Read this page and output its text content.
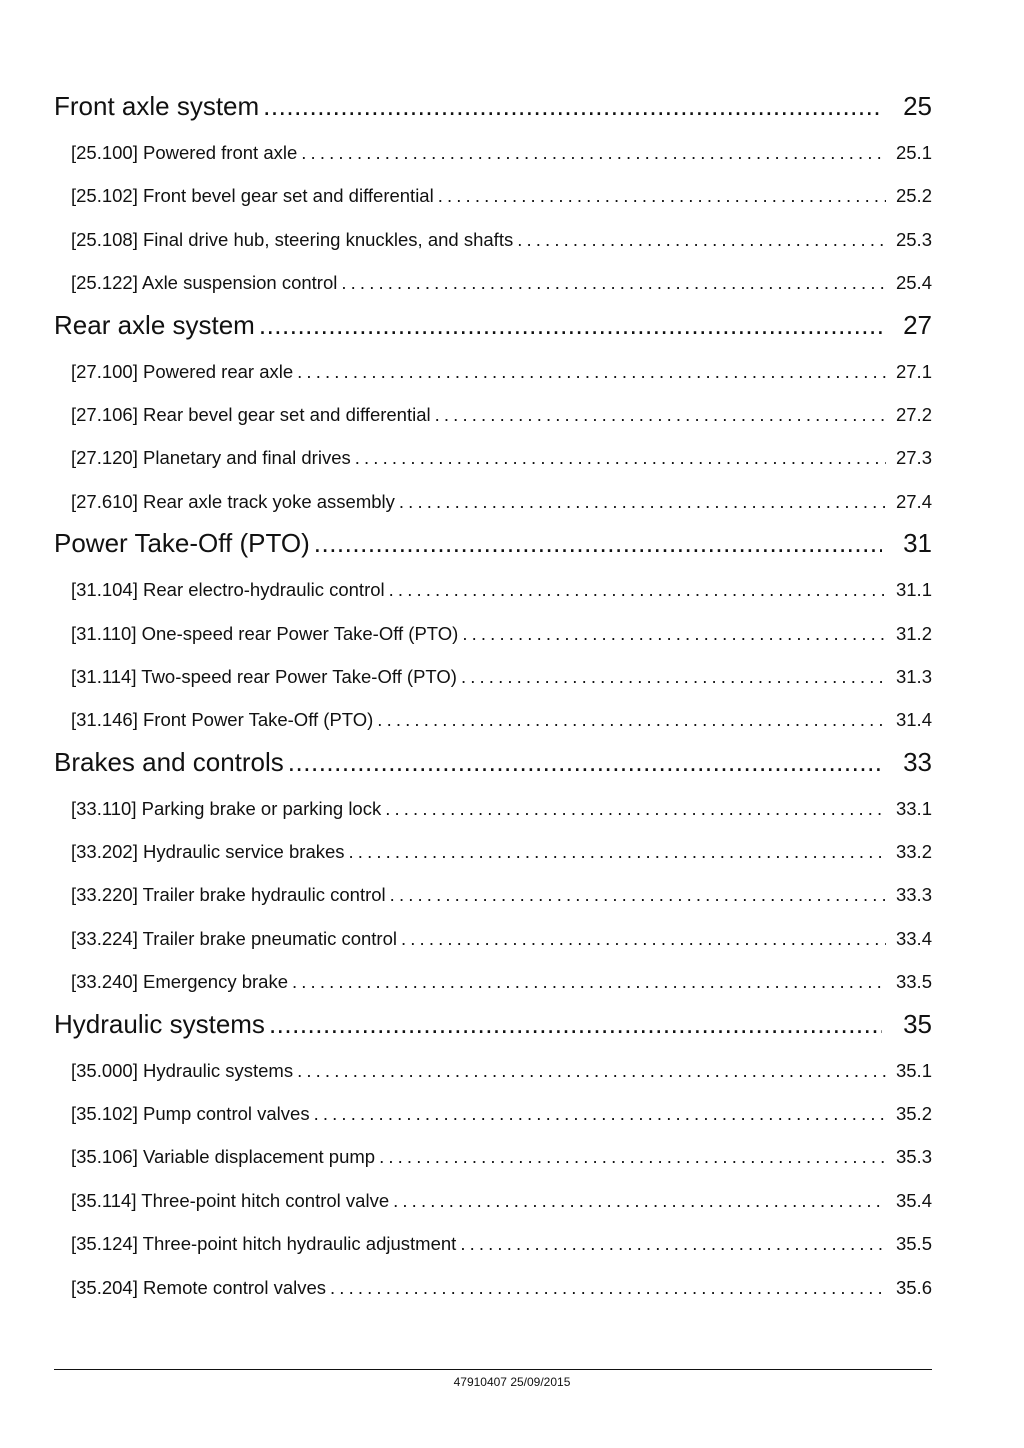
Front axle system .....	25
[25.100] Powered front axle . . .	25.1
[25.102] Front bevel gear set and differential . . .	25.2
[25.108] Final drive hub, steering knuckles, and shafts . . .	25.3
[25.122] Axle suspension control . . .	25.4
Rear axle system .....	27
[27.100] Powered rear axle . . .	27.1
[27.106] Rear bevel gear set and differential . . .	27.2
[27.120] Planetary and final drives . . .	27.3
[27.610] Rear axle track yoke assembly . . .	27.4
Power Take-Off (PTO) .....	31
[31.104] Rear electro-hydraulic control . . .	31.1
[31.110] One-speed rear Power Take-Off (PTO) . . .	31.2
[31.114] Two-speed rear Power Take-Off (PTO) . . .	31.3
[31.146] Front Power Take-Off (PTO) . . .	31.4
Brakes and controls .....	33
[33.110] Parking brake or parking lock . . .	33.1
[33.202] Hydraulic service brakes . . .	33.2
[33.220] Trailer brake hydraulic control . . .	33.3
[33.224] Trailer brake pneumatic control . . .	33.4
[33.240] Emergency brake . . .	33.5
Hydraulic systems .....	35
[35.000] Hydraulic systems . . .	35.1
[35.102] Pump control valves . . .	35.2
[35.106] Variable displacement pump . . .	35.3
[35.114] Three-point hitch control valve . . .	35.4
[35.124] Three-point hitch hydraulic adjustment . . .	35.5
[35.204] Remote control valves . . .	35.6
47910407 25/09/2015
